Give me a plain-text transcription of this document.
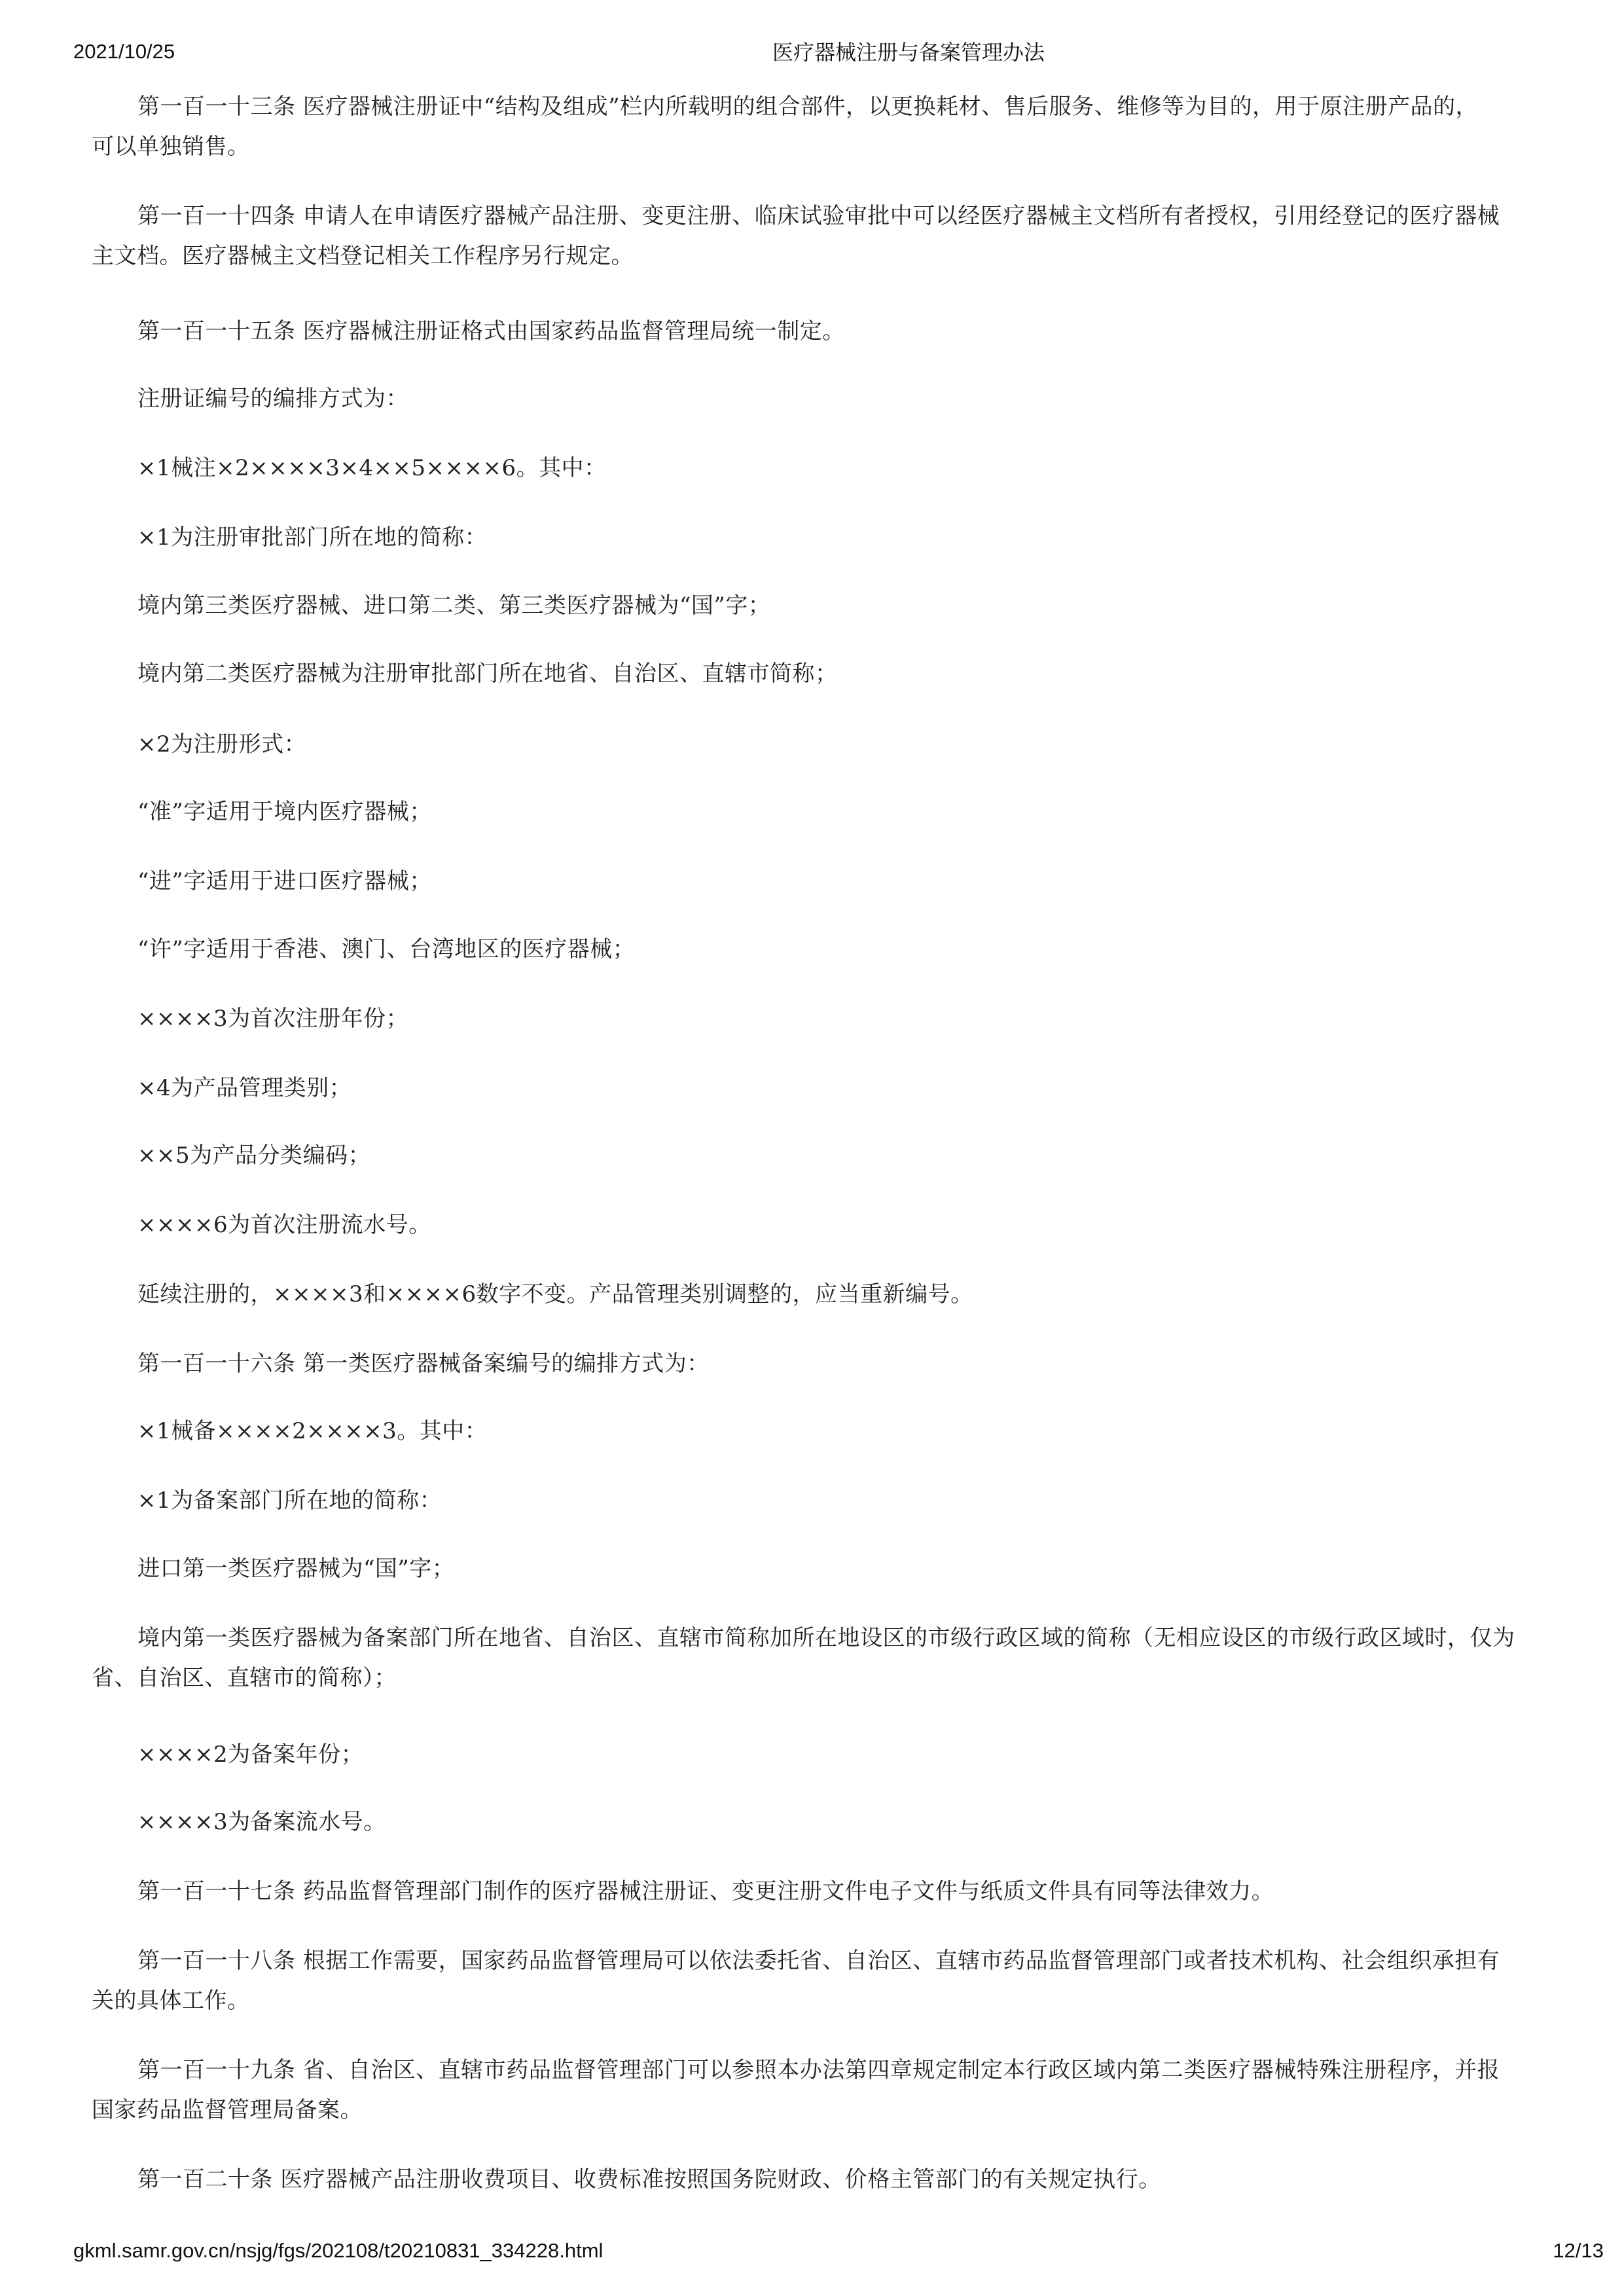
2021/10/25	医疗器械注册与备案管理办法
第一百一十三条 医疗器械注册证中“结构及组成”栏内所载明的组合部件，以更换耗材、售后服务、维修等为目的，用于原注册产品的，
可以单独销售。
第一百一十四条 申请人在申请医疗器械产品注册、变更注册、临床试验审批中可以经医疗器械主文档所有者授权，引用经登记的医疗器械
主文档。医疗器械主文档登记相关工作程序另行规定。
第一百一十五条 医疗器械注册证格式由国家药品监督管理局统一制定。
注册证编号的编排方式为：
×1械注×2××××3×4××5××××6。其中：
×1为注册审批部门所在地的简称：
境内第三类医疗器械、进口第二类、第三类医疗器械为“国”字；
境内第二类医疗器械为注册审批部门所在地省、自治区、直辖市简称；
×2为注册形式：
“准”字适用于境内医疗器械；
“进”字适用于进口医疗器械；
“许”字适用于香港、澳门、台湾地区的医疗器械；
××××3为首次注册年份；
×4为产品管理类别；
××5为产品分类编码；
××××6为首次注册流水号。
延续注册的，××××3和××××6数字不变。产品管理类别调整的，应当重新编号。
第一百一十六条 第一类医疗器械备案编号的编排方式为：
×1械备××××2××××3。其中：
×1为备案部门所在地的简称：
进口第一类医疗器械为“国”字；
境内第一类医疗器械为备案部门所在地省、自治区、直辖市简称加所在地设区的市级行政区域的简称（无相应设区的市级行政区域时，仅为
省、自治区、直辖市的简称）；
××××2为备案年份；
××××3为备案流水号。
第一百一十七条 药品监督管理部门制作的医疗器械注册证、变更注册文件电子文件与纸质文件具有同等法律效力。
第一百一十八条 根据工作需要，国家药品监督管理局可以依法委托省、自治区、直辖市药品监督管理部门或者技术机构、社会组织承担有
关的具体工作。
第一百一十九条 省、自治区、直辖市药品监督管理部门可以参照本办法第四章规定制定本行政区域内第二类医疗器械特殊注册程序，并报
国家药品监督管理局备案。
第一百二十条 医疗器械产品注册收费项目、收费标准按照国务院财政、价格主管部门的有关规定执行。
gkml.samr.gov.cn/nsjg/fgs/202108/t20210831_334228.html	12/13
